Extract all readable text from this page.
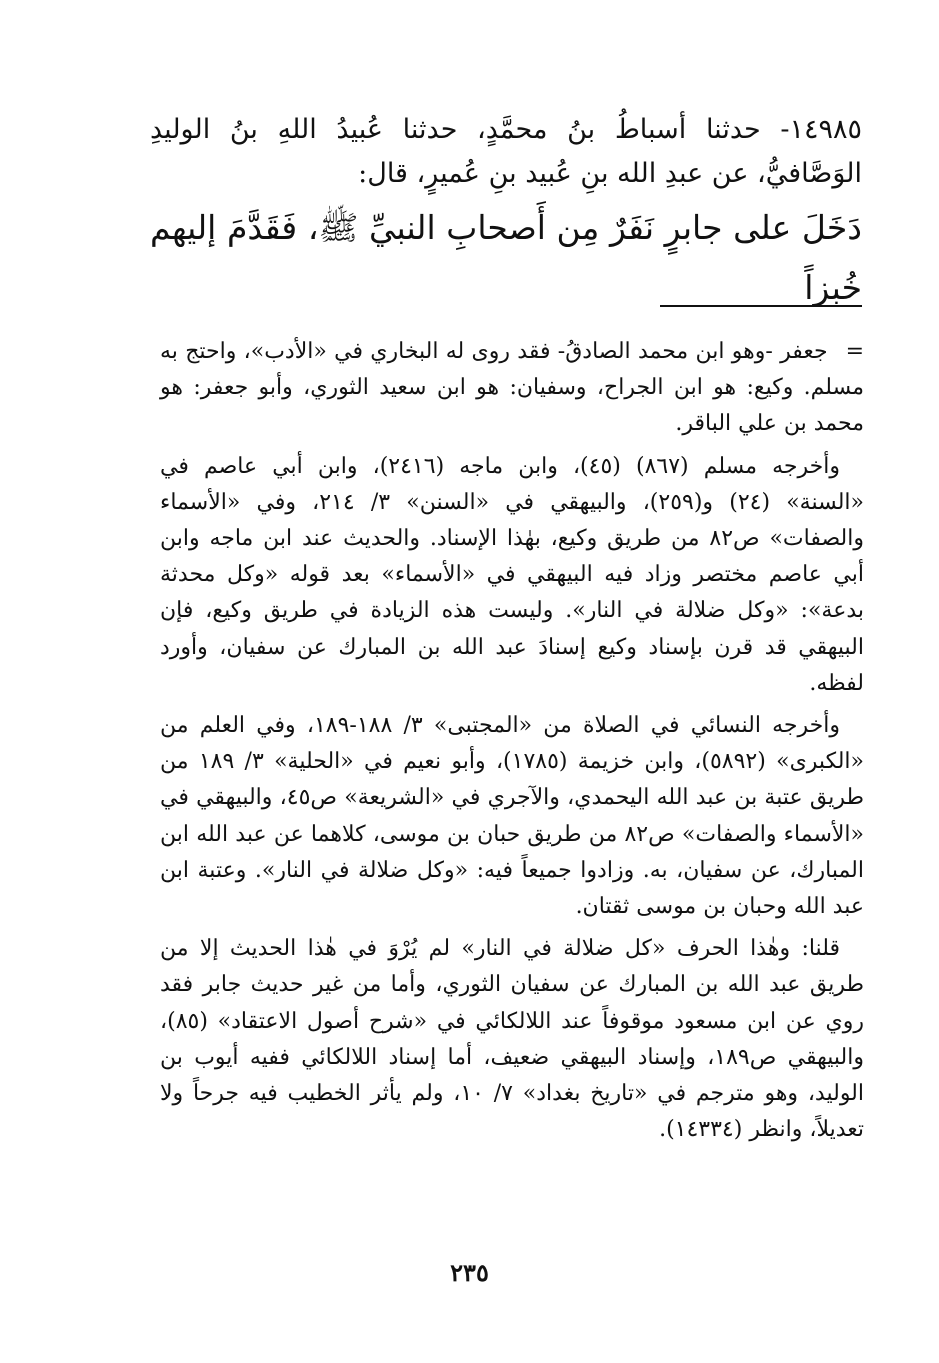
١٤٩٨٥- حدثنا أسباطُ بنُ محمَّدٍ، حدثنا عُبيدُ اللهِ بنُ الوليدِ الوَصَّافيُّ، عن عبدِ الله بنِ عُبيد بنِ عُميرٍ، قال:

دَخَلَ على جابرٍ نَفَرٌ مِن أَصحابِ النبيِّ ﷺ، فَقَدَّمَ إليهم خُبزاً

=جعفر -وهو ابن محمد الصادقُ- فقد روى له البخاري في «الأدب»، واحتج به مسلم. وكيع: هو ابن الجراح، وسفيان: هو ابن سعيد الثوري، وأبو جعفر: هو محمد بن علي الباقر.

وأخرجه مسلم (٨٦٧) (٤٥)، وابن ماجه (٢٤١٦)، وابن أبي عاصم في «السنة» (٢٤) و(٢٥٩)، والبيهقي في «السنن» ٣/ ٢١٤، وفي «الأسماء والصفات» ص٨٢ من طريق وكيع، بهٰذا الإسناد. والحديث عند ابن ماجه وابن أبي عاصم مختصر وزاد فيه البيهقي في «الأسماء» بعد قوله «وكل محدثة بدعة»: «وكل ضلالة في النار». وليست هذه الزيادة في طريق وكيع، فإن البيهقي قد قرن بإسناد وكيع إسنادَ عبد الله بن المبارك عن سفيان، وأورد لفظه.

وأخرجه النسائي في الصلاة من «المجتبى» ٣/ ١٨٨-١٨٩، وفي العلم من «الكبرى» (٥٨٩٢)، وابن خزيمة (١٧٨٥)، وأبو نعيم في «الحلية» ٣/ ١٨٩ من طريق عتبة بن عبد الله اليحمدي، والآجري في «الشريعة» ص٤٥، والبيهقي في «الأسماء والصفات» ص٨٢ من طريق حبان بن موسى، كلاهما عن عبد الله ابن المبارك، عن سفيان، به. وزادوا جميعاً فيه: «وكل ضلالة في النار». وعتبة ابن عبد الله وحبان بن موسى ثقتان.

قلنا: وهٰذا الحرف «كل ضلالة في النار» لم يُرْوَ في هٰذا الحديث إلا من طريق عبد الله بن المبارك عن سفيان الثوري، وأما من غير حديث جابر فقد روي عن ابن مسعود موقوفاً عند اللالكائي في «شرح أصول الاعتقاد» (٨٥)، والبيهقي ص١٨٩، وإسناد البيهقي ضعيف، أما إسناد اللالكائي ففيه أيوب بن الوليد، وهو مترجم في «تاريخ بغداد» ٧/ ١٠، ولم يأثر الخطيب فيه جرحاً ولا تعديلاً، وانظر (١٤٣٣٤).

٢٣٥
